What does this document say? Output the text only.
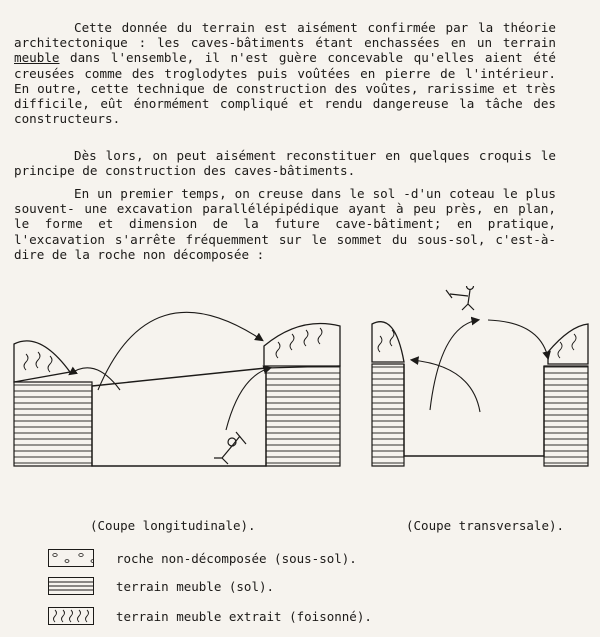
Cette donnée du terrain est aisément confirmée par la théorie architectonique : les caves-bâtiments étant enchassées en un terrain meuble dans l'ensemble, il n'est guère concevable qu'elles aient été creusées comme des troglodytes puis voûtées en pierre de l'intérieur. En outre, cette technique de construction des voûtes, rarissime et très difficile, eût énormément compliqué et rendu dangereuse la tâche des constructeurs.

Dès lors, on peut aisément reconstituer en quelques croquis le principe de construction des caves-bâtiments.

En un premier temps, on creuse dans le sol -d'un coteau le plus souvent- une excavation parallélépipédique ayant à peu près, en plan, le forme et dimension de la future cave-bâtiment; en pratique, l'excavation s'arrête fréquemment sur le sommet du sous-sol, c'est-à-dire de la roche non décomposée :

(Coupe longitudinale).	(Coupe transversale).
roche non-décomposée (sous-sol).
terrain meuble (sol).
terrain meuble extrait (foisonné).
